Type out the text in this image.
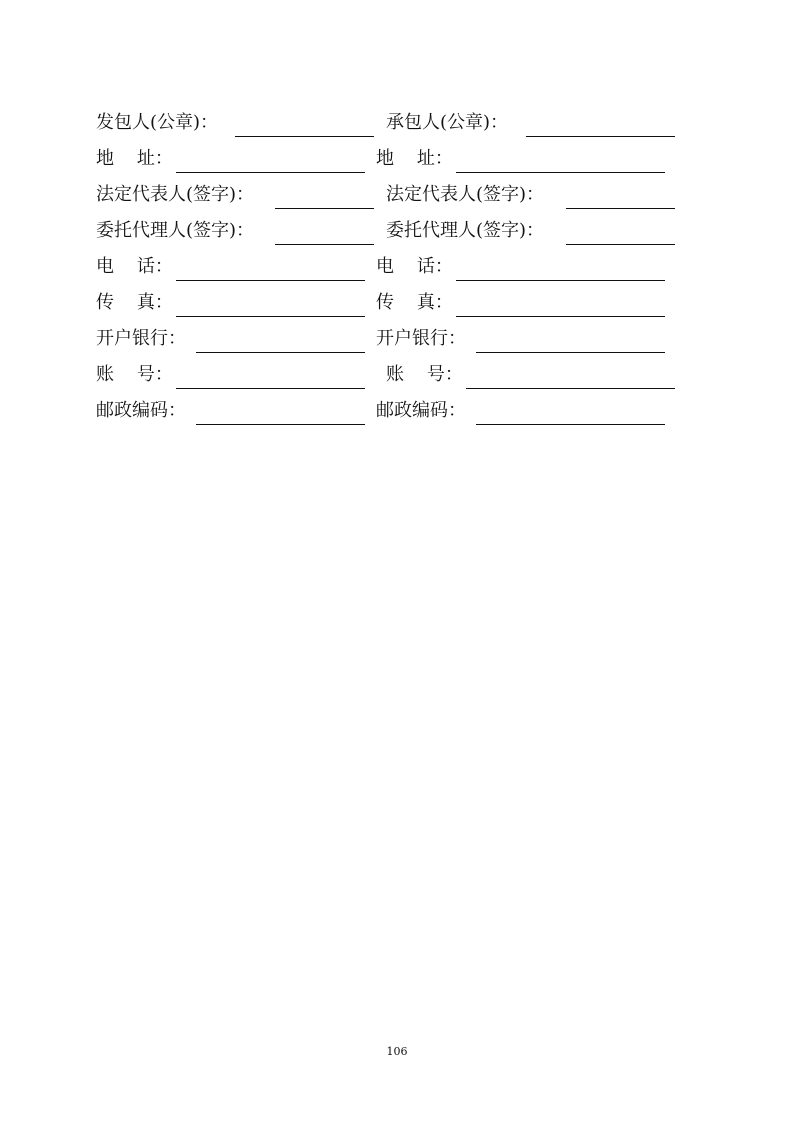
发包人(公章)：	承包人(公章)：
地    址：	地    址：
法定代表人(签字)：	法定代表人(签字)：
委托代理人(签字)：	委托代理人(签字)：
电    话：	电    话：
传    真：	传    真：
开户银行：	开户银行：
账    号：	账    号：
邮政编码：	邮政编码：
106
